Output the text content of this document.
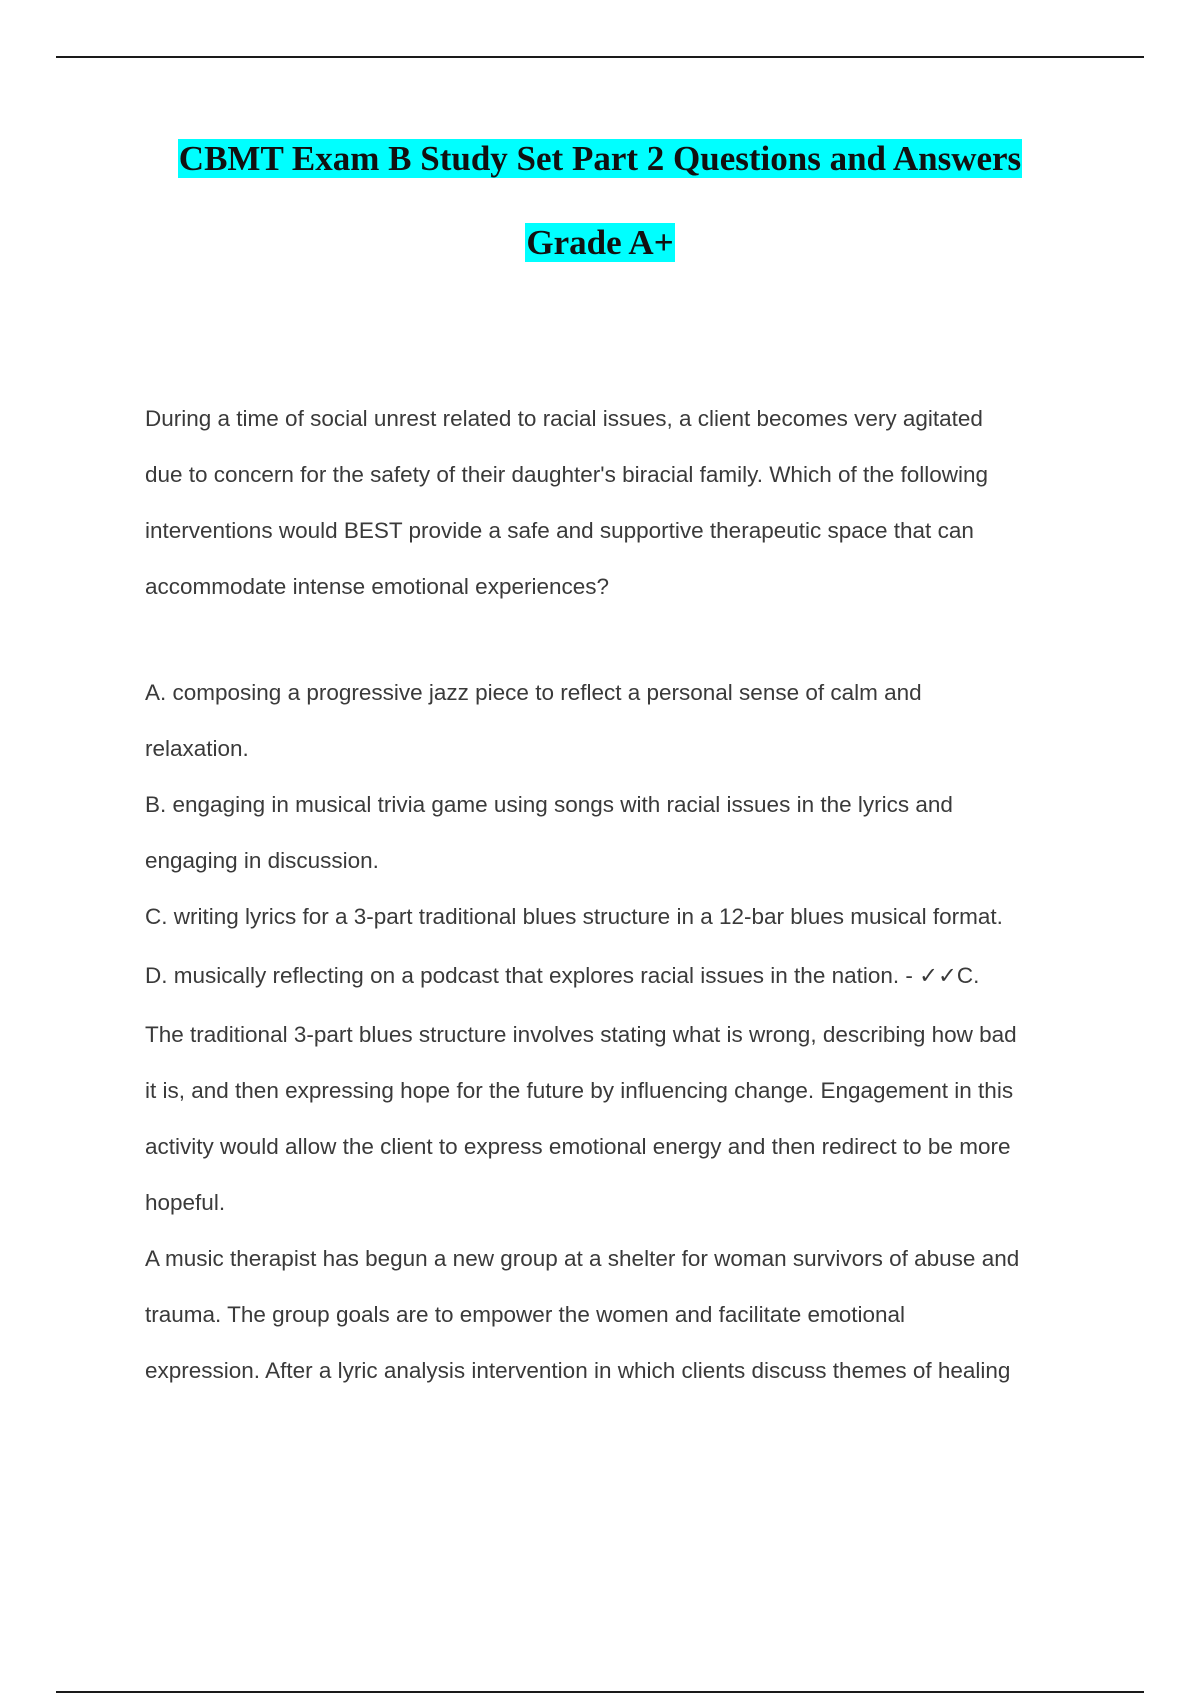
CBMT Exam B Study Set Part 2 Questions and Answers
Grade A+
During a time of social unrest related to racial issues, a client becomes very agitated
due to concern for the safety of their daughter's biracial family. Which of the following
interventions would BEST provide a safe and supportive therapeutic space that can
accommodate intense emotional experiences?
A. composing a progressive jazz piece to reflect a personal sense of calm and
relaxation.
B. engaging in musical trivia game using songs with racial issues in the lyrics and
engaging in discussion.
C. writing lyrics for a 3-part traditional blues structure in a 12-bar blues musical format.
D. musically reflecting on a podcast that explores racial issues in the nation. - ✓✓C.
The traditional 3-part blues structure involves stating what is wrong, describing how bad
it is, and then expressing hope for the future by influencing change. Engagement in this
activity would allow the client to express emotional energy and then redirect to be more
hopeful.
A music therapist has begun a new group at a shelter for woman survivors of abuse and
trauma. The group goals are to empower the women and facilitate emotional
expression. After a lyric analysis intervention in which clients discuss themes of healing
